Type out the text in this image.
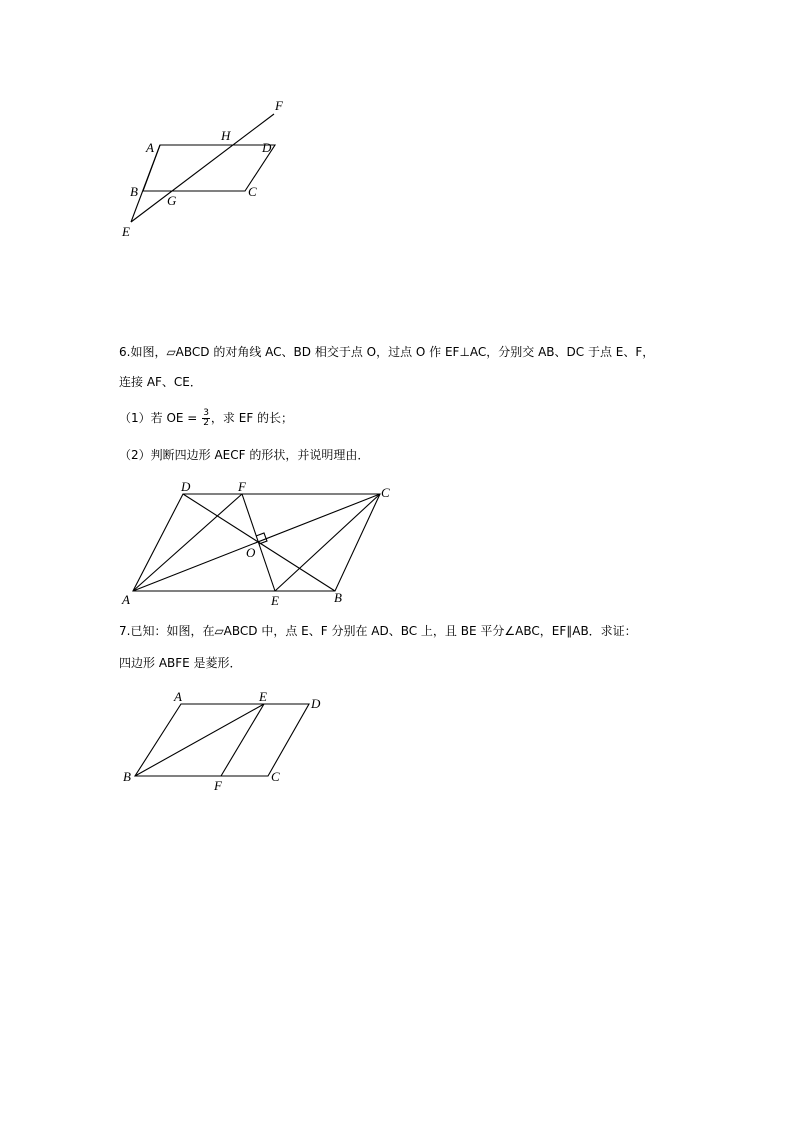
A
B	C
D
E
F
G
H
6.如图，▱ABCD 的对角线 AC、BD 相交于点 O，过点 O 作 EF⊥AC，分别交 AB、DC 于点 E、F，
连接 AF、CE．
（1）若 OE = $\frac{3}{2}$ ，求 EF 的长；
（2）判断四边形 AECF 的形状，并说明理由．
D	F	C
O
A	E	B
7.已知：如图，在▱ABCD 中，点 E、F 分别在 AD、BC 上，且 BE 平分∠ABC，EF∥AB．求证：
四边形 ABFE 是菱形．
A	E	D
B
F
C
